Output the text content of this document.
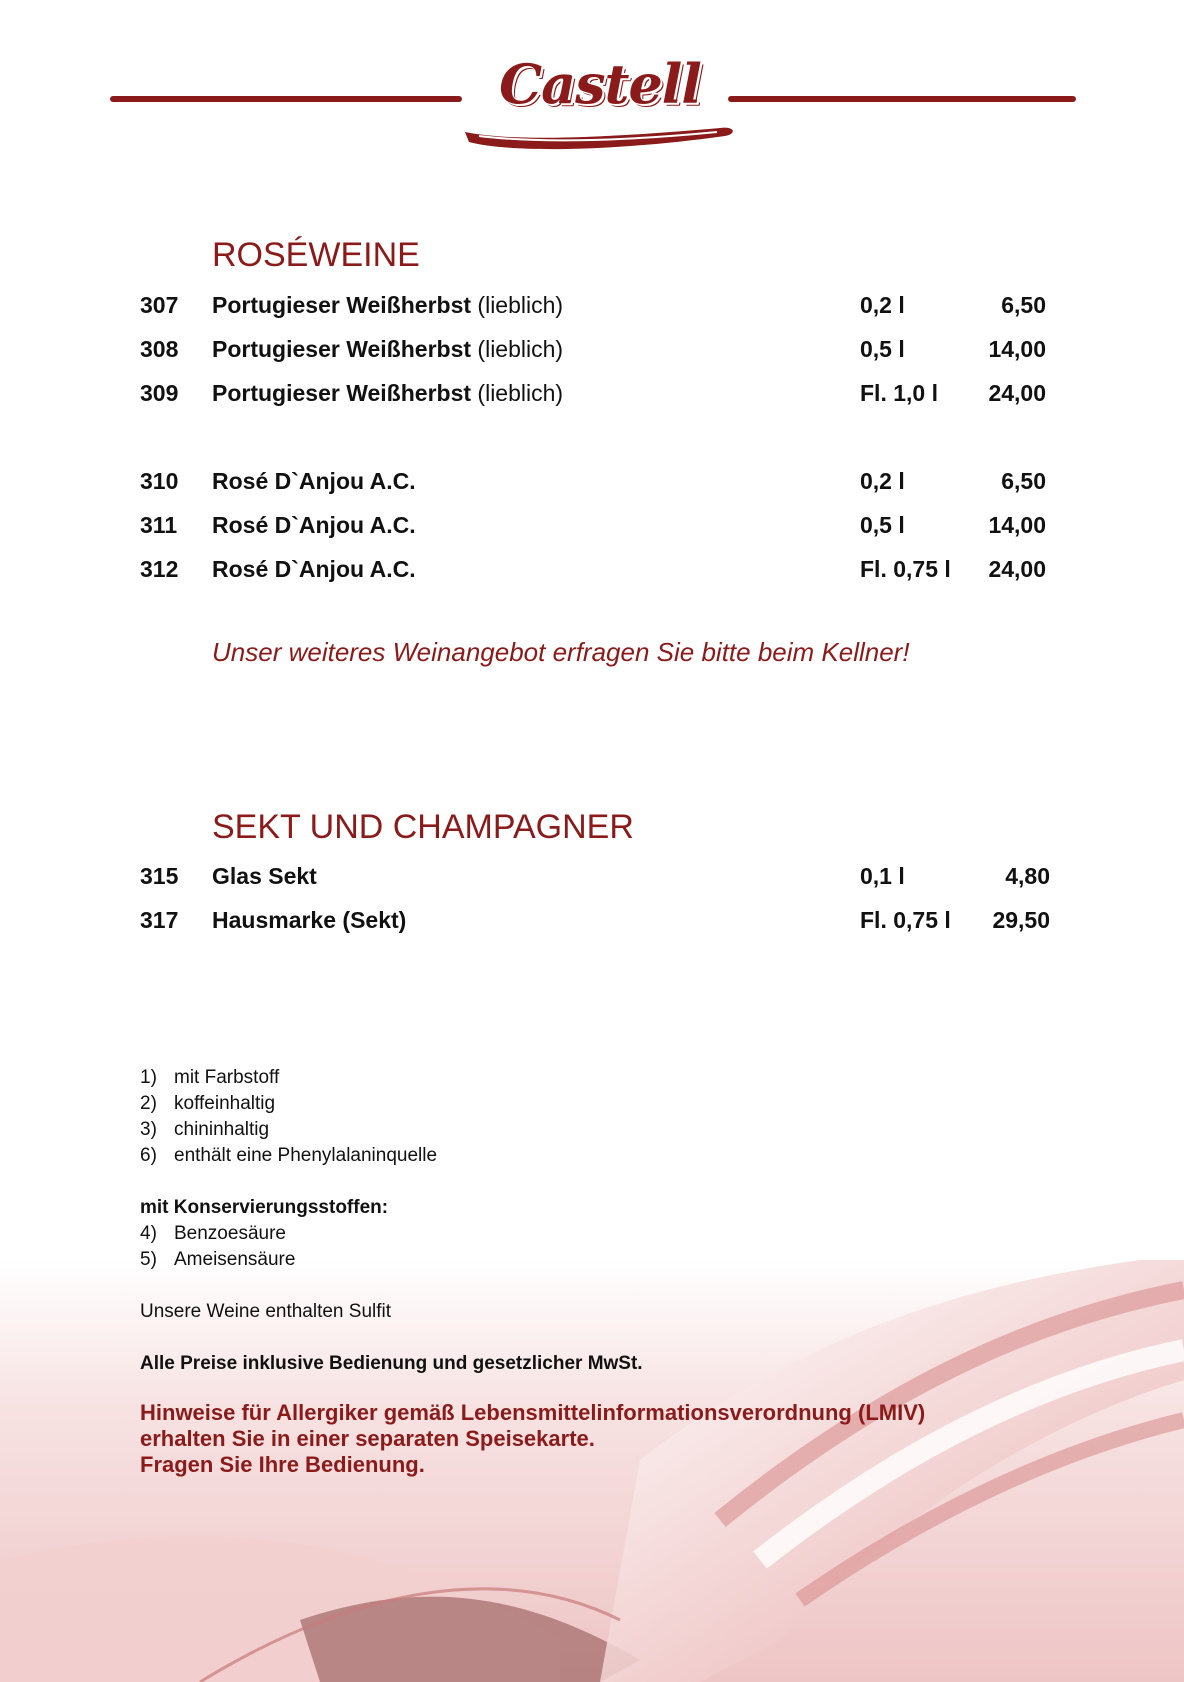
Castell
ROSÉWEINE
307 Portugieser Weißherbst (lieblich)	0,2 l	6,50
308 Portugieser Weißherbst (lieblich)	0,5 l	14,00
309 Portugieser Weißherbst (lieblich)	Fl. 1,0 l 24,00
310 Rosé D`Anjou A.C.	0,2 l	6,50
311 Rosé D`Anjou A.C.	0,5 l	14,00
312 Rosé D`Anjou A.C.	Fl. 0,75 l 24,00
Unser weiteres Weinangebot erfragen Sie bitte beim Kellner!
SEKT UND CHAMPAGNER
315 Glas Sekt	0,1 l	4,80
317 Hausmarke (Sekt)	Fl. 0,75 l 29,50
1) mit Farbstoff
2) koffeinhaltig
3) chininhaltig
6) enthält eine Phenylalaninquelle
mit Konservierungsstoffen:
4) Benzoesäure
5) Ameisensäure
Unsere Weine enthalten Sulfit
Alle Preise inklusive Bedienung und gesetzlicher MwSt.
Hinweise für Allergiker gemäß Lebensmittelinformationsverordnung (LMIV)
erhalten Sie in einer separaten Speisekarte.
Fragen Sie Ihre Bedienung.
